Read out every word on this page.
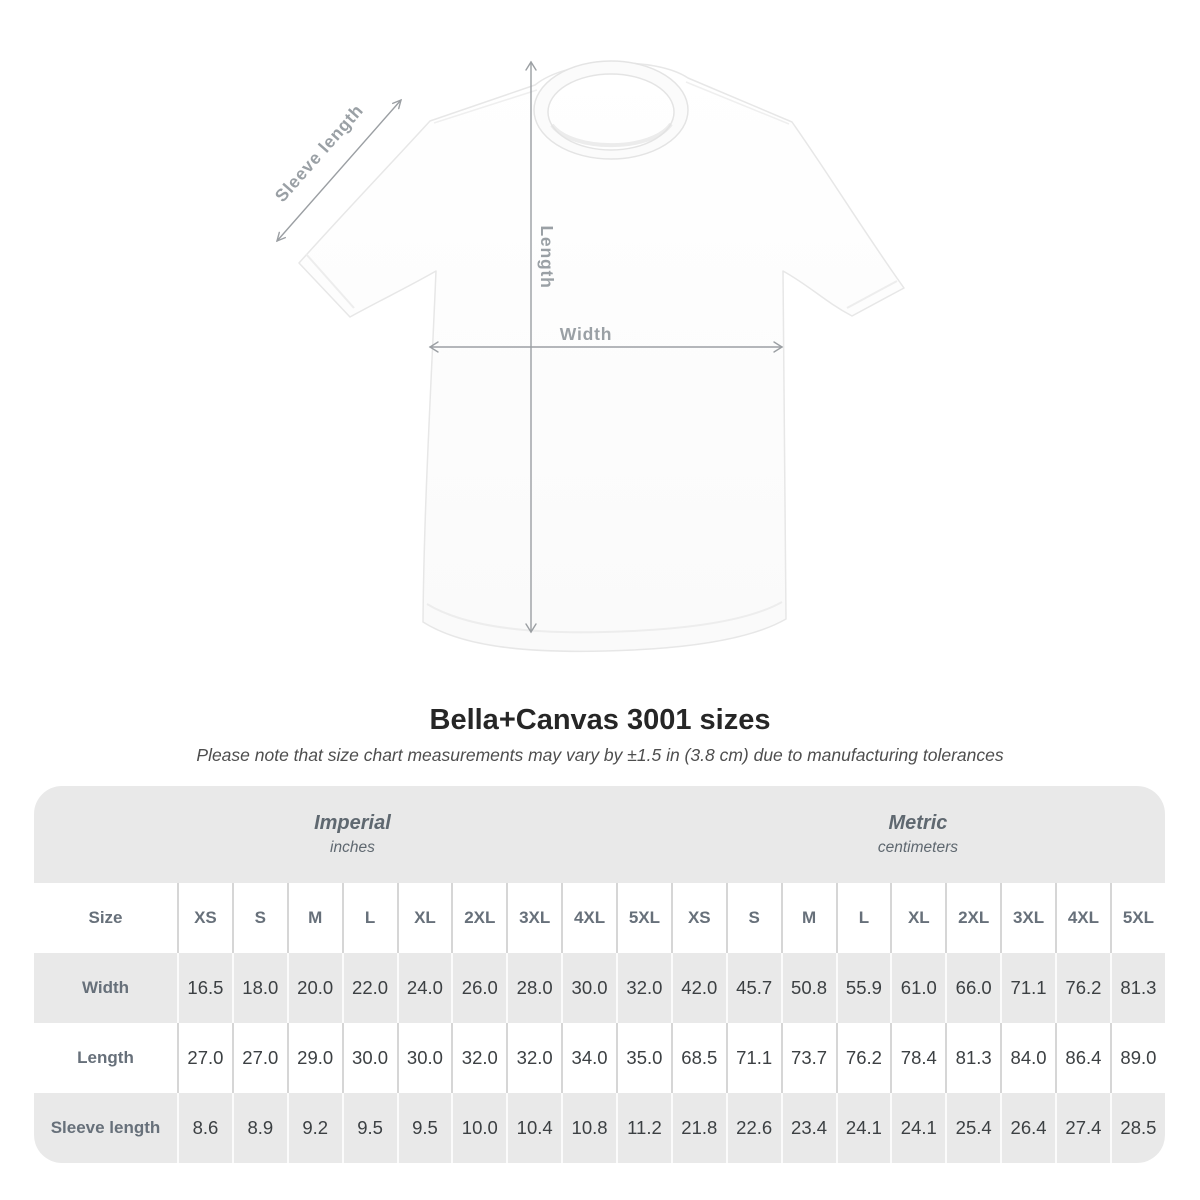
Sleeve length
Length
Width
Bella+Canvas 3001 sizes
Please note that size chart measurements may vary by ±1.5 in (3.8 cm) due to manufacturing tolerances
Imperial
inches

Metric
centimeters

Size	XS	S	M	L	XL	2XL	3XL	4XL	5XL	XS	S	M	L	XL	2XL	3XL	4XL	5XL
Width	16.5	18.0	20.0	22.0	24.0	26.0	28.0	30.0	32.0	42.0	45.7	50.8	55.9	61.0	66.0	71.1	76.2	81.3
Length	27.0	27.0	29.0	30.0	30.0	32.0	32.0	34.0	35.0	68.5	71.1	73.7	76.2	78.4	81.3	84.0	86.4	89.0
Sleeve length	8.6	8.9	9.2	9.5	9.5	10.0	10.4	10.8	11.2	21.8	22.6	23.4	24.1	24.1	25.4	26.4	27.4	28.5
